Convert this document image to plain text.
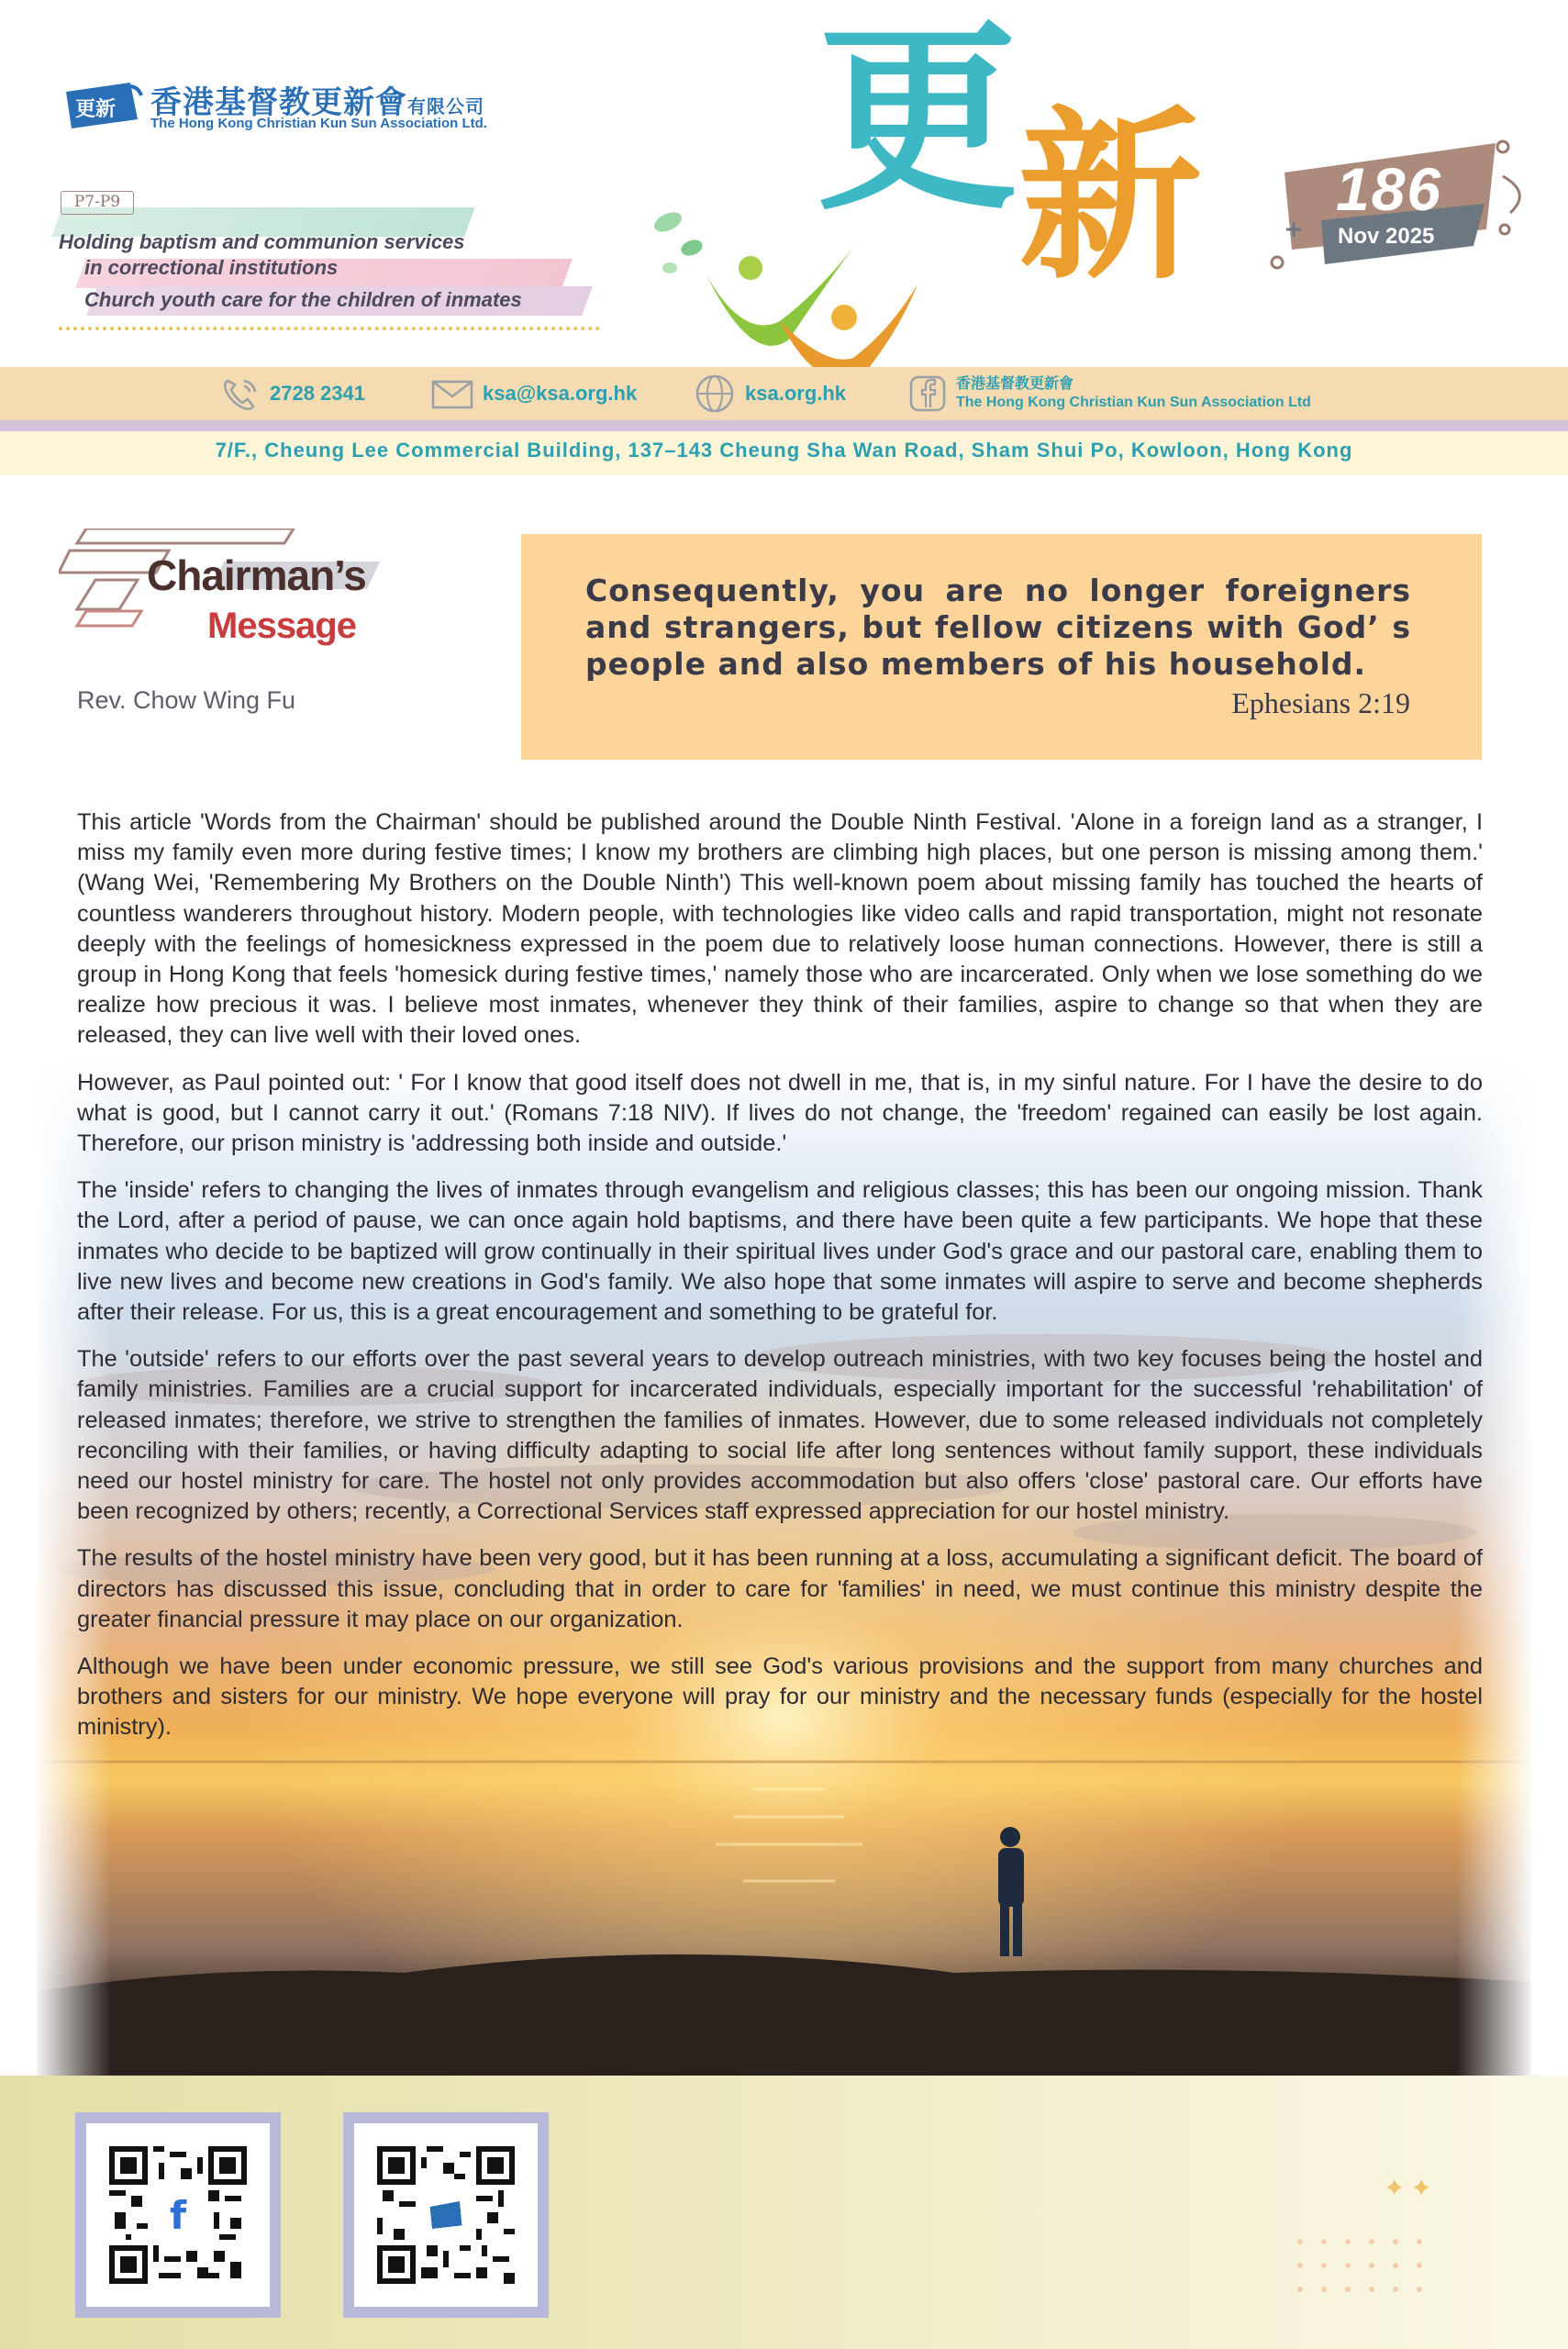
更新 香港基督教更新會有限公司
The Hong Kong Christian Kun Sun Association Ltd.
P7-P9
Holding baptism and communion services
in correctional institutions
Church youth care for the children of inmates
更 新 186
Nov 2025
2728 2341	ksa@ksa.org.hk	ksa.org.hk	香港基督教更新會
The Hong Kong Christian Kun Sun Association Ltd
7/F., Cheung Lee Commercial Building, 137–143 Cheung Sha Wan Road, Sham Shui Po, Kowloon, Hong Kong
Chairman’s
Message
Rev. Chow Wing Fu
Consequently, you are no longer foreigners and strangers, but fellow citizens with God’ s people and also members of his household.
Ephesians 2:19

This article 'Words from the Chairman' should be published around the Double Ninth Festival. 'Alone in a foreign land as a stranger, I miss my family even more during festive times; I know my brothers are climbing high places, but one person is missing among them.' (Wang Wei, 'Remembering My Brothers on the Double Ninth') This well-known poem about missing family has touched the hearts of countless wanderers throughout history. Modern people, with technologies like video calls and rapid transportation, might not resonate deeply with the feelings of homesickness expressed in the poem due to relatively loose human connections. However, there is still a group in Hong Kong that feels 'homesick during festive times,' namely those who are incarcerated. Only when we lose something do we realize how precious it was. I believe most inmates, whenever they think of their families, aspire to change so that when they are released, they can live well with their loved ones.

However, as Paul pointed out: ' For I know that good itself does not dwell in me, that is, in my sinful nature. For I have the desire to do what is good, but I cannot carry it out.' (Romans 7:18 NIV). If lives do not change, the 'freedom' regained can easily be lost again. Therefore, our prison ministry is 'addressing both inside and outside.'

The 'inside' refers to changing the lives of inmates through evangelism and religious classes; this has been our ongoing mission. Thank the Lord, after a period of pause, we can once again hold baptisms, and there have been quite a few participants. We hope that these inmates who decide to be baptized will grow continually in their spiritual lives under God's grace and our pastoral care, enabling them to live new lives and become new creations in God's family. We also hope that some inmates will aspire to serve and become shepherds after their release. For us, this is a great encouragement and something to be grateful for.

The 'outside' refers to our efforts over the past several years to develop outreach ministries, with two key focuses being the hostel and family ministries. Families are a crucial support for incarcerated individuals, especially important for the successful 'rehabilitation' of released inmates; therefore, we strive to strengthen the families of inmates. However, due to some released individuals not completely reconciling with their families, or having difficulty adapting to social life after long sentences without family support, these individuals need our hostel ministry for care. The hostel not only provides accommodation but also offers 'close' pastoral care. Our efforts have been recognized by others; recently, a Correctional Services staff expressed appreciation for our hostel ministry.

The results of the hostel ministry have been very good, but it has been running at a loss, accumulating a significant deficit. The board of directors has discussed this issue, concluding that in order to care for 'families' in need, we must continue this ministry despite the greater financial pressure it may place on our organization.

Although we have been under economic pressure, we still see God's various provisions and the support from many churches and brothers and sisters for our ministry. We hope everyone will pray for our ministry and the necessary funds (especially for the hostel ministry).

f
✦✦
